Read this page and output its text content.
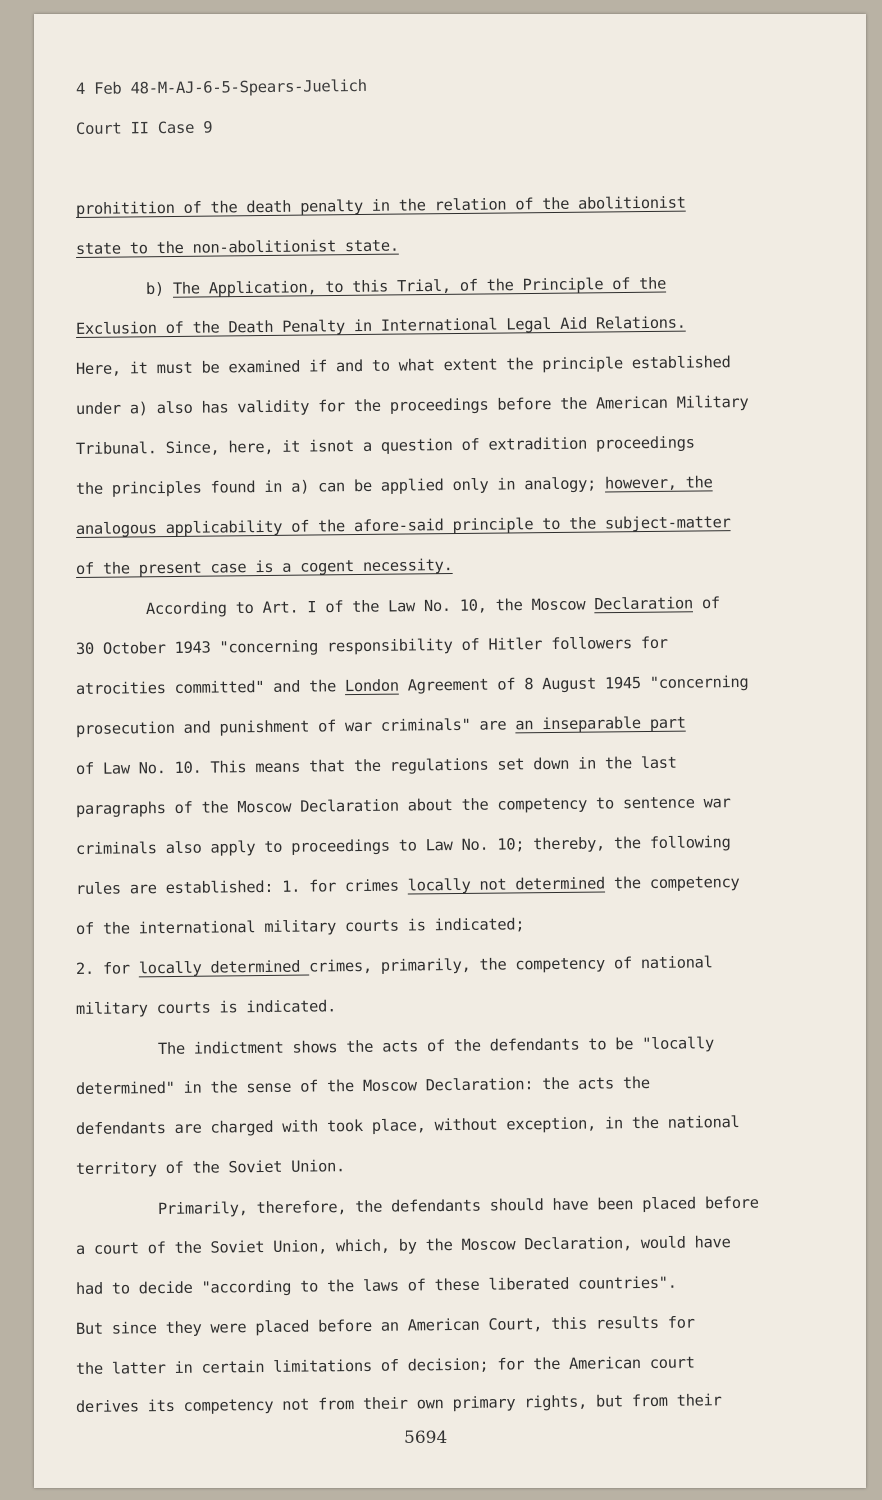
4 Feb 48-M-AJ-6-5-Spears-Juelich
Court II Case 9
prohitition of the death penalty in the relation of the abolitionist
state to the non-abolitionist state.
b) The Application, to this Trial, of the Principle of the
Exclusion of the Death Penalty in International Legal Aid Relations.
Here, it must be examined if and to what extent the principle established
under a) also has validity for the proceedings before the American Military
Tribunal. Since, here, it isnot a question of extradition proceedings
the principles found in a) can be applied only in analogy; however, the
analogous applicability of the afore-said principle to the subject-matter
of the present case is a cogent necessity.
According to Art. I of the Law No. 10, the Moscow Declaration of
30 October 1943 "concerning responsibility of Hitler followers for
atrocities committed" and the London Agreement of 8 August 1945 "concerning
prosecution and punishment of war criminals" are an inseparable part
of Law No. 10. This means that the regulations set down in the last
paragraphs of the Moscow Declaration about the competency to sentence war
criminals also apply to proceedings to Law No. 10; thereby, the following
rules are established: 1. for crimes locally not determined the competency
of the international military courts is indicated;
2. for locally determined crimes, primarily, the competency of national
military courts is indicated.
The indictment shows the acts of the defendants to be "locally
determined" in the sense of the Moscow Declaration: the acts the
defendants are charged with took place, without exception, in the national
territory of the Soviet Union.
Primarily, therefore, the defendants should have been placed before
a court of the Soviet Union, which, by the Moscow Declaration, would have
had to decide "according to the laws of these liberated countries".
But since they were placed before an American Court, this results for
the latter in certain limitations of decision; for the American court
derives its competency not from their own primary rights, but from their
5694
